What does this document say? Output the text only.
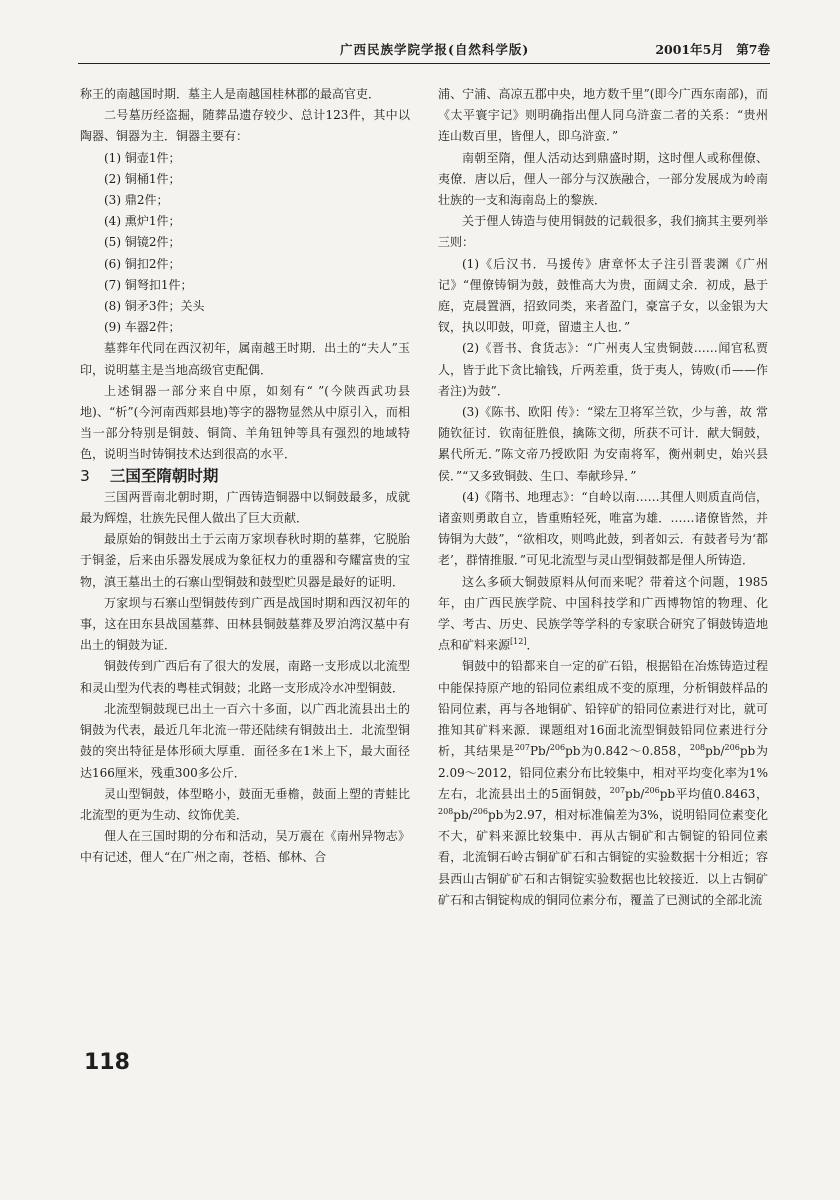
广西民族学院学报(自然科学版)	2001年5月　第7卷

称王的南越国时期．墓主人是南越国桂林郡的最高官吏．

二号墓历经盗掘，随葬品遗存较少、总计123件，其中以陶器、铜器为主．铜器主要有：

(1) 铜壶1件；

(2) 铜桶1件；

(3) 鼎2件；

(4) 熏炉1件；

(5) 铜镜2件；

(6) 铜扣2件；

(7) 铜弩扣1件；

(8) 铜矛3件；关头

(9) 车器2件；

墓葬年代同在西汉初年，属南越王时期．出土的“夫人”玉印，说明墓主是当地高级官吏配偶．

上述铜器一部分来自中原，如刻有“ ”(今陕西武功县地)、“析”(今河南西郏县地)等字的器物显然从中原引入，而相当一部分特别是铜鼓、铜筒、羊角钮钟等具有强烈的地域特色，说明当时铸铜技术达到很高的水平．

3 三国至隋朝时期

三国两晋南北朝时期，广西铸造铜器中以铜鼓最多，成就最为辉煌，壮族先民俚人做出了巨大贡献．

最原始的铜鼓出土于云南万家坝春秋时期的墓葬，它脱胎于铜釜，后来由乐器发展成为象征权力的重器和夸耀富贵的宝物，滇王墓出土的石寨山型铜鼓和鼓型贮贝器是最好的证明．

万家坝与石寨山型铜鼓传到广西是战国时期和西汉初年的事，这在田东县战国墓葬、田林县铜鼓墓葬及罗泊湾汉墓中有出土的铜鼓为证．

铜鼓传到广西后有了很大的发展，南路一支形成以北流型和灵山型为代表的粤桂式铜鼓；北路一支形成冷水冲型铜鼓．

北流型铜鼓现已出土一百六十多面，以广西北流县出土的铜鼓为代表，最近几年北流一带还陆续有铜鼓出土．北流型铜鼓的突出特征是体形硕大厚重．面径多在1米上下，最大面径达166厘米，残重300多公斤．

灵山型铜鼓，体型略小，鼓面无垂檐，鼓面上塑的青蛙比北流型的更为生动、纹饰优美．

俚人在三国时期的分布和活动，吴万震在《南州异物志》中有记述，俚人“在广州之南，苍梧、郁林、合

浦、宁浦、高凉五郡中央，地方数千里”(即今广西东南部)，而《太平寰宇记》则明确指出俚人同乌浒蛮二者的关系：“贵州连山数百里，皆俚人，即乌浒蛮．”

南朝至隋，俚人活动达到鼎盛时期，这时俚人或称俚僚、夷僚．唐以后，俚人一部分与汉族融合，一部分发展成为岭南壮族的一支和海南岛上的黎族．

关于俚人铸造与使用铜鼓的记载很多，我们摘其主要列举三则：

(1)《后汉书．马援传》唐章怀太子注引晋裴渊《广州记》“俚僚铸铜为鼓，鼓惟高大为贵，面阔丈余．初成，悬于庭，克晨置酒，招致同类，来者盈门，豪富子女，以金银为大钗，执以叩鼓，叩竟，留遗主人也．”

(2)《晋书、食货志》：“广州夷人宝贵铜鼓……闻官私贾人，皆于此下贪比输钱，斤两差重，货于夷人，铸败(币——作者注)为鼓”．

(3)《陈书、欧阳 传》：“梁左卫将军兰钦，少与善，故 常随钦征讨．钦南征胜俍，擒陈文彻，所获不可计．献大铜鼓，累代所无．”陈文帝乃授欧阳 为安南将军，衡州刺史，始兴县侯．”“又多致铜鼓、生口、奉献珍异．”

(4)《隋书、地理志》：“自岭以南……其俚人则质直尚信，诸蛮则勇敢自立，皆重贿轻死，唯富为雄．……诸僚皆然，并铸铜为大鼓”，“欲相攻，则鸣此鼓，到者如云．有鼓者号为‘都老’，群情推服．”可见北流型与灵山型铜鼓都是俚人所铸造．

这么多硕大铜鼓原料从何而来呢？带着这个问题，1985年，由广西民族学院、中国科技学和广西博物馆的物理、化学、考古、历史、民族学等学科的专家联合研究了铜鼓铸造地点和矿料来源[12]．

铜鼓中的铅都来自一定的矿石铅，根据铅在冶炼铸造过程中能保持原产地的铅同位素组成不变的原理，分析铜鼓样品的铅同位素，再与各地铜矿、铅锌矿的铅同位素进行对比，就可推知其矿料来源．课题组对16面北流型铜鼓铅同位素进行分析，其结果是$^{207}$Pb/$^{206}$pb为0.842～0.858，$^{208}$pb/$^{206}$pb为2.09～2012，铅同位素分布比较集中，相对平均变化率为1%左右，北流县出土的5面铜鼓，$^{207}$pb/$^{206}$pb平均值0.8463，$^{208}$pb/$^{206}$pb为2.97，相对标准偏差为3%，说明铅同位素变化不大，矿料来源比较集中．再从古铜矿和古铜锭的铅同位素看，北流铜石岭古铜矿矿石和古铜锭的实验数据十分相近；容县西山古铜矿矿石和古铜锭实验数据也比较接近．以上古铜矿矿石和古铜锭构成的铜同位素分布，覆盖了已测试的全部北流

118
